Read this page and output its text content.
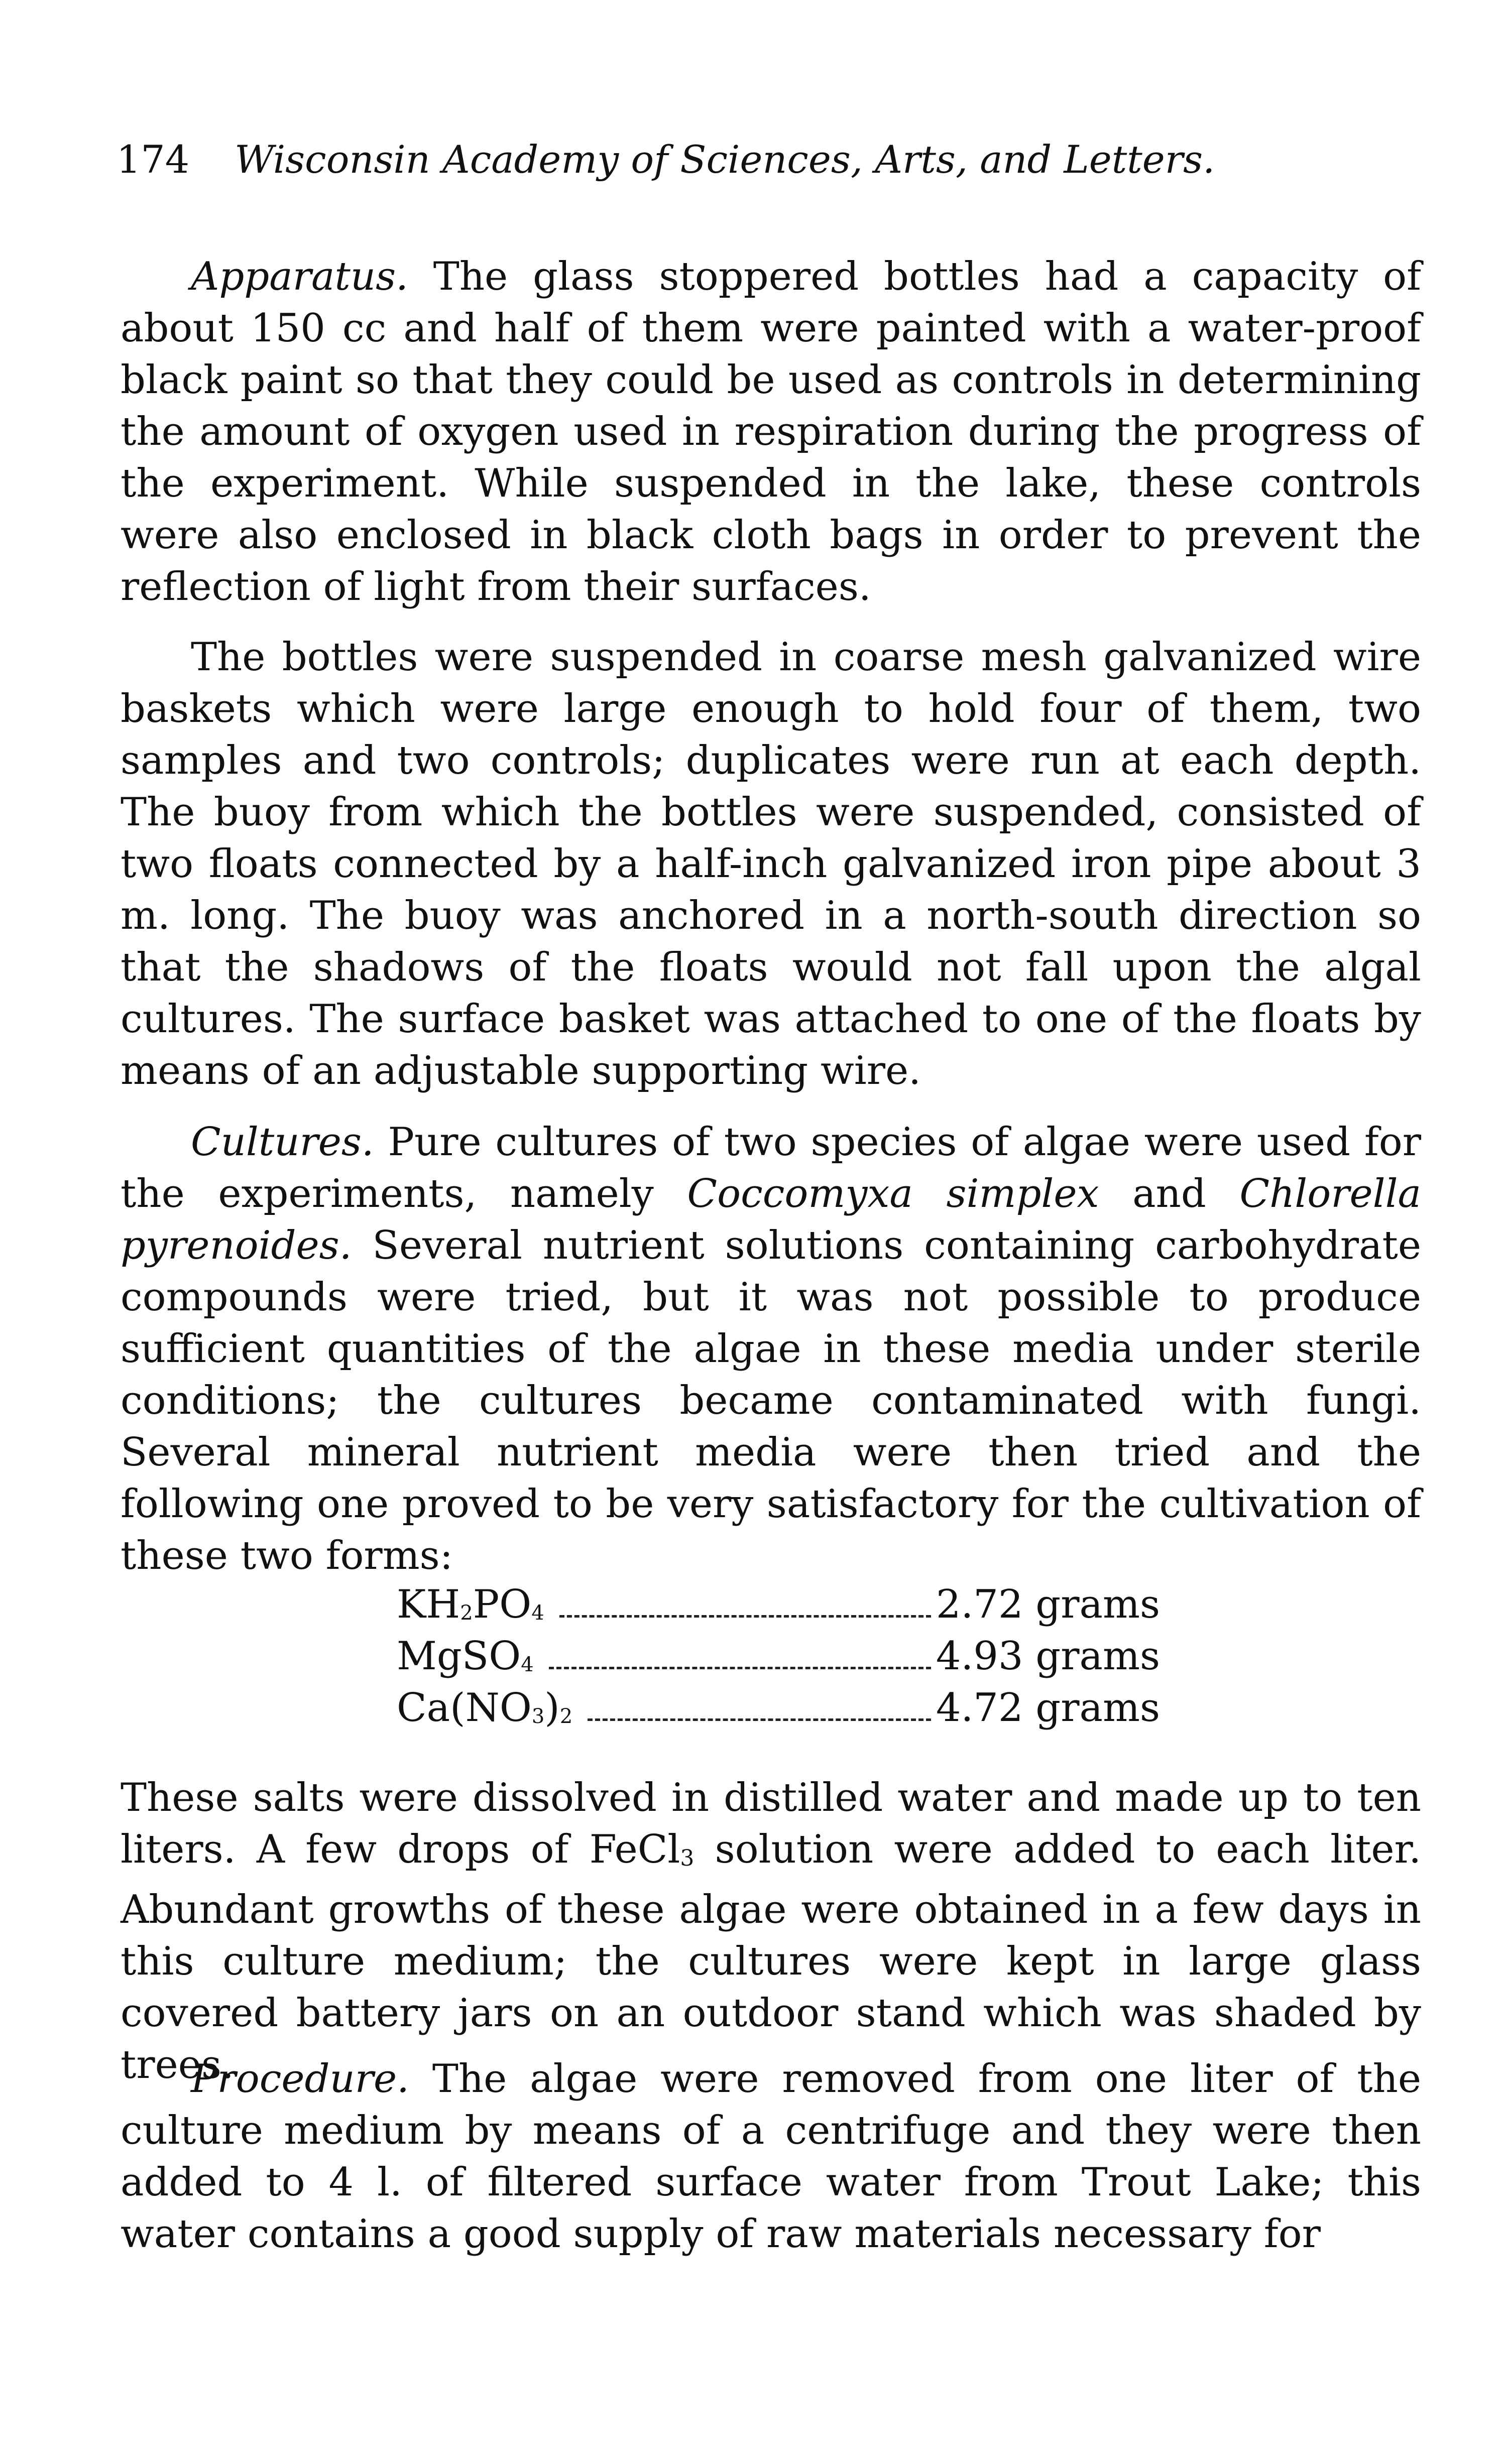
174 Wisconsin Academy of Sciences, Arts, and Letters.

Apparatus. The glass stoppered bottles had a capacity of about 150 cc and half of them were painted with a water-proof black paint so that they could be used as controls in determining the amount of oxygen used in respiration during the progress of the experiment. While suspended in the lake, these controls were also enclosed in black cloth bags in order to prevent the reflection of light from their surfaces.

The bottles were suspended in coarse mesh galvanized wire baskets which were large enough to hold four of them, two samples and two controls; duplicates were run at each depth. The buoy from which the bottles were suspended, consisted of two floats connected by a half-inch galvanized iron pipe about 3 m. long. The buoy was anchored in a north-south direction so that the shadows of the floats would not fall upon the algal cultures. The surface basket was attached to one of the floats by means of an adjustable supporting wire.

Cultures. Pure cultures of two species of algae were used for the experiments, namely Coccomyxa simplex and Chlorella pyrenoides. Several nutrient solutions containing carbohydrate compounds were tried, but it was not possible to produce sufficient quantities of the algae in these media under sterile conditions; the cultures became contaminated with fungi. Several mineral nutrient media were then tried and the following one proved to be very satisfactory for the cultivation of these two forms:

$KH_2PO_4$	2.72 grams
MgSO$_4$	4.93 grams
$Ca(NO_3)_2$	4.72 grams

These salts were dissolved in distilled water and made up to ten liters. A few drops of FeCl$_3$ solution were added to each liter. Abundant growths of these algae were obtained in a few days in this culture medium; the cultures were kept in large glass covered battery jars on an outdoor stand which was shaded by trees.

Procedure. The algae were removed from one liter of the culture medium by means of a centrifuge and they were then added to 4 l. of filtered surface water from Trout Lake; this water contains a good supply of raw materials necessary for
